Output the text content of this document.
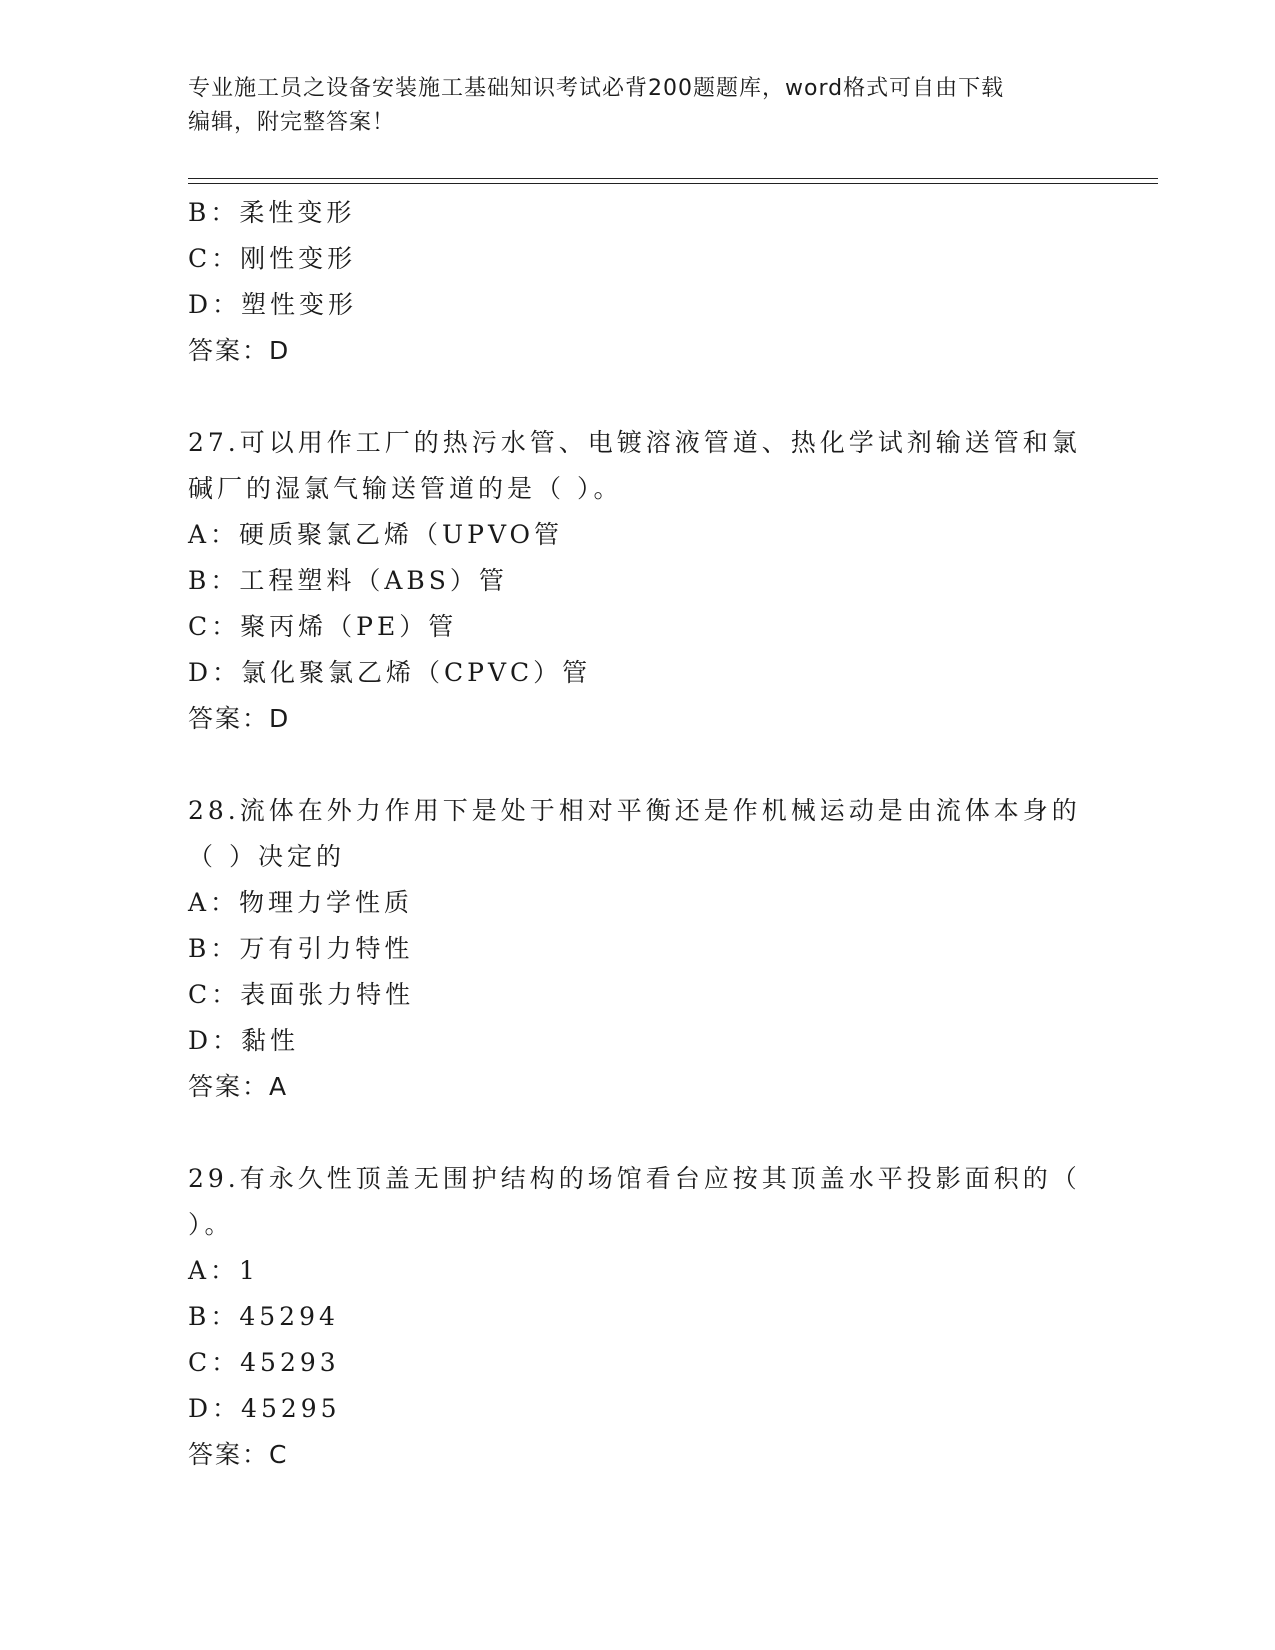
专业施工员之设备安装施工基础知识考试必背200题题库，word格式可自由下载
编辑，附完整答案！
B：柔性变形
C：刚性变形
D：塑性变形
答案：D
27.可以用作工厂的热污水管、电镀溶液管道、热化学试剂输送管和氯
碱厂的湿氯气输送管道的是（ ）。
A：硬质聚氯乙烯（UPVO管
B：工程塑料（ABS）管
C：聚丙烯（PE）管
D：氯化聚氯乙烯（CPVC）管
答案：D
28.流体在外力作用下是处于相对平衡还是作机械运动是由流体本身的
（ ）决定的
A：物理力学性质
B：万有引力特性
C：表面张力特性
D：黏性
答案：A
29.有永久性顶盖无围护结构的场馆看台应按其顶盖水平投影面积的（
）。
A：1
B：45294
C：45293
D：45295
答案：C
